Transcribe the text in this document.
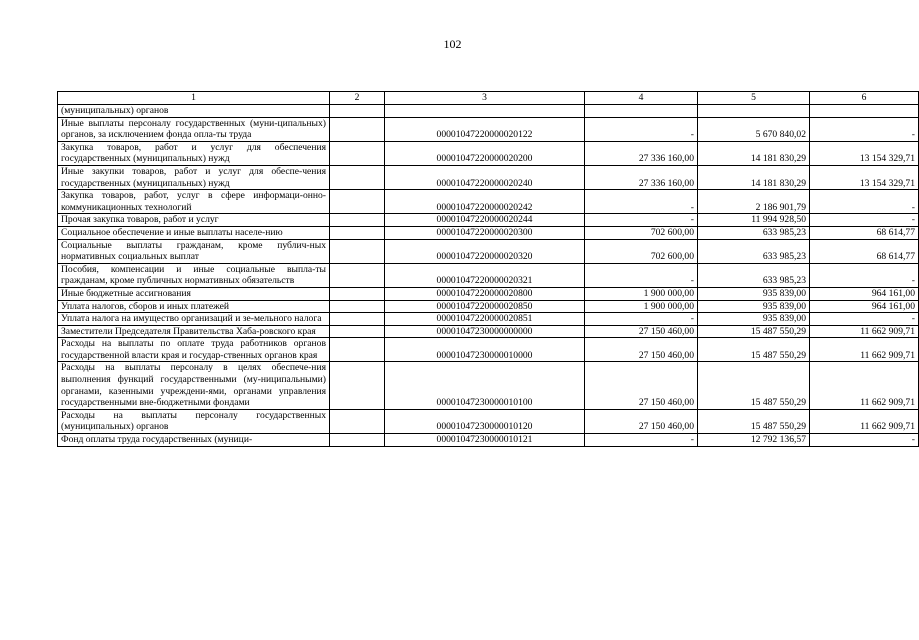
102
1	2	3	4	5	6
(муниципальных) органов					
Иные выплаты персоналу государственных (муни-ципальных) органов, за исключением фонда опла-ты труда		00001047220000020122	-	5 670 840,02	-
Закупка товаров, работ и услуг для обеспечения государственных (муниципальных) нужд		00001047220000020200	27 336 160,00	14 181 830,29	13 154 329,71
Иные закупки товаров, работ и услуг для обеспе-чения государственных (муниципальных) нужд		00001047220000020240	27 336 160,00	14 181 830,29	13 154 329,71
Закупка товаров, работ, услуг в сфере информаци-онно-коммуникационных технологий		00001047220000020242	-	2 186 901,79	-
Прочая закупка товаров, работ и услуг		00001047220000020244	-	11 994 928,50	-
Социальное обеспечение и иные выплаты населе-нию		00001047220000020300	702 600,00	633 985,23	68 614,77
Социальные выплаты гражданам, кроме публич-ных нормативных социальных выплат		00001047220000020320	702 600,00	633 985,23	68 614,77
Пособия, компенсации и иные социальные выпла-ты гражданам, кроме публичных нормативных обязательств		00001047220000020321	-	633 985,23	-
Иные бюджетные ассигнования		00001047220000020800	1 900 000,00	935 839,00	964 161,00
Уплата налогов, сборов и иных платежей		00001047220000020850	1 900 000,00	935 839,00	964 161,00
Уплата налога на имущество организаций и зе-мельного налога		00001047220000020851	-	935 839,00	-
Заместители Председателя Правительства Хаба-ровского края		00001047230000000000	27 150 460,00	15 487 550,29	11 662 909,71
Расходы на выплаты по оплате труда работников органов государственной власти края и государ-ственных органов края		00001047230000010000	27 150 460,00	15 487 550,29	11 662 909,71
Расходы на выплаты персоналу в целях обеспече-ния выполнения функций государственными (му-ниципальными) органами, казенными учреждени-ями, органами управления государственными вне-бюджетными фондами		00001047230000010100	27 150 460,00	15 487 550,29	11 662 909,71
Расходы на выплаты персоналу государственных (муниципальных) органов		00001047230000010120	27 150 460,00	15 487 550,29	11 662 909,71
Фонд оплаты труда государственных (муници-		00001047230000010121	-	12 792 136,57	-
